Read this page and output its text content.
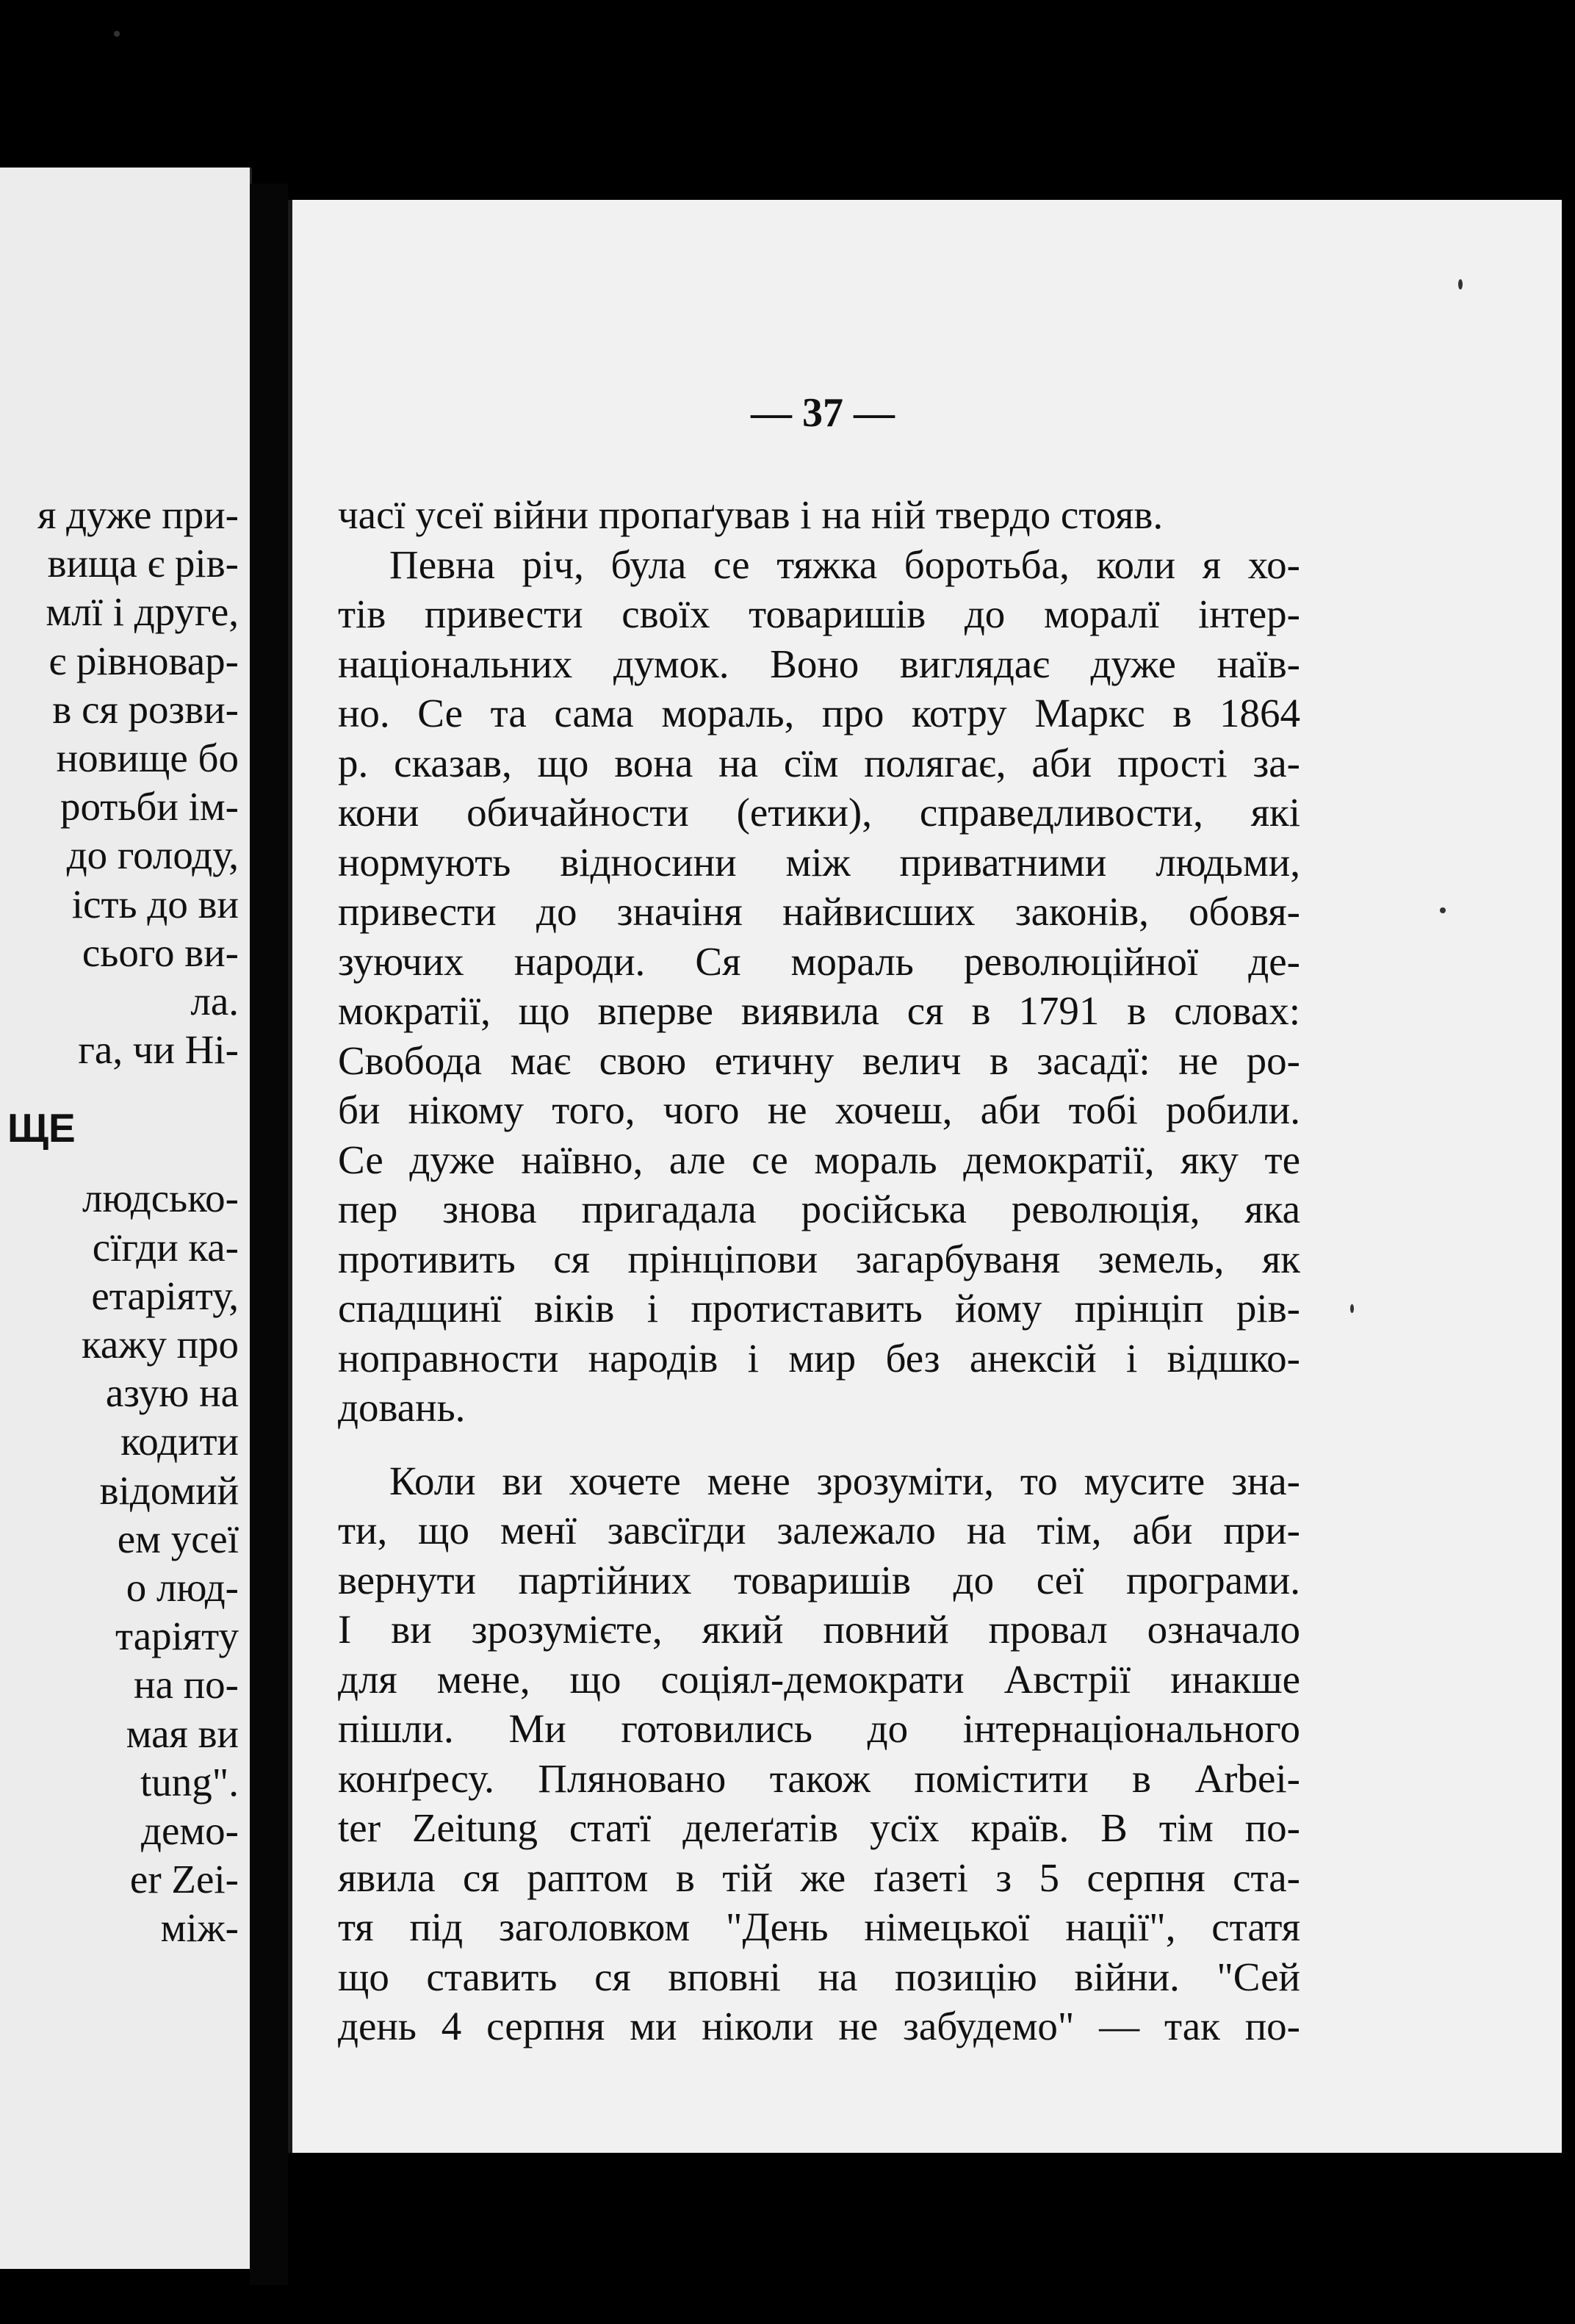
я дуже при-
вища є рів-
млї і друге,
є рівновар-
в ся розви-
новище бо
ротьби ім-
до голоду,
ість до ви
сього ви-
ла.
га, чи Ні-
ЩЕ
людсько-
сїгди ка-
етаріяту,
кажу про
азую на
кодити
відомий
ем усеї
о люд-
таріяту
на по-
мая ви
tung".
демо-
er Zei-
між-
— 37 —
часї усеї війни пропаґував і на ній твердо стояв.
Певна річ, була се тяжка боротьба, коли я хо-
тів привести своїх товаришів до моралї інтер-
національних думок. Воно виглядає дуже наїв-
но. Се та сама мораль, про котру Маркс в 1864
р. сказав, що вона на сїм полягає, аби прості за-
кони обичайности (етики), справедливости, які
нормують відносини між приватними людьми,
привести до значіня найвисших законів, обовя-
зуючих народи. Ся мораль революційної де-
мократії, що вперве виявила ся в 1791 в словах:
Свобода має свою етичну велич в засадї: не ро-
би нікому того, чого не хочеш, аби тобі робили.
Се дуже наївно, але се мораль демократії, яку те
пер знова пригадала російська революція, яка
противить ся прінціпови загарбуваня земель, як
спадщинї віків і протиставить йому прінціп рів-
ноправности народів і мир без анексій і відшко-
довань.
Коли ви хочете мене зрозуміти, то мусите зна-
ти, що менї завсїгди залежало на тім, аби при-
вернути партійних товаришів до сеї програми.
І ви зрозумієте, який повний провал означало
для мене, що соціял-демократи Австрії инакше
пішли. Ми готовились до інтернаціонального
конґресу. Пляновано також помістити в Arbei-
ter Zeitung статї делеґатів усїх країв. В тім по-
явила ся раптом в тій же ґазеті з 5 серпня ста-
тя під заголовком "День німецької нації", статя
що ставить ся вповні на позицію війни. "Сей
день 4 серпня ми ніколи не забудемо" — так по-
